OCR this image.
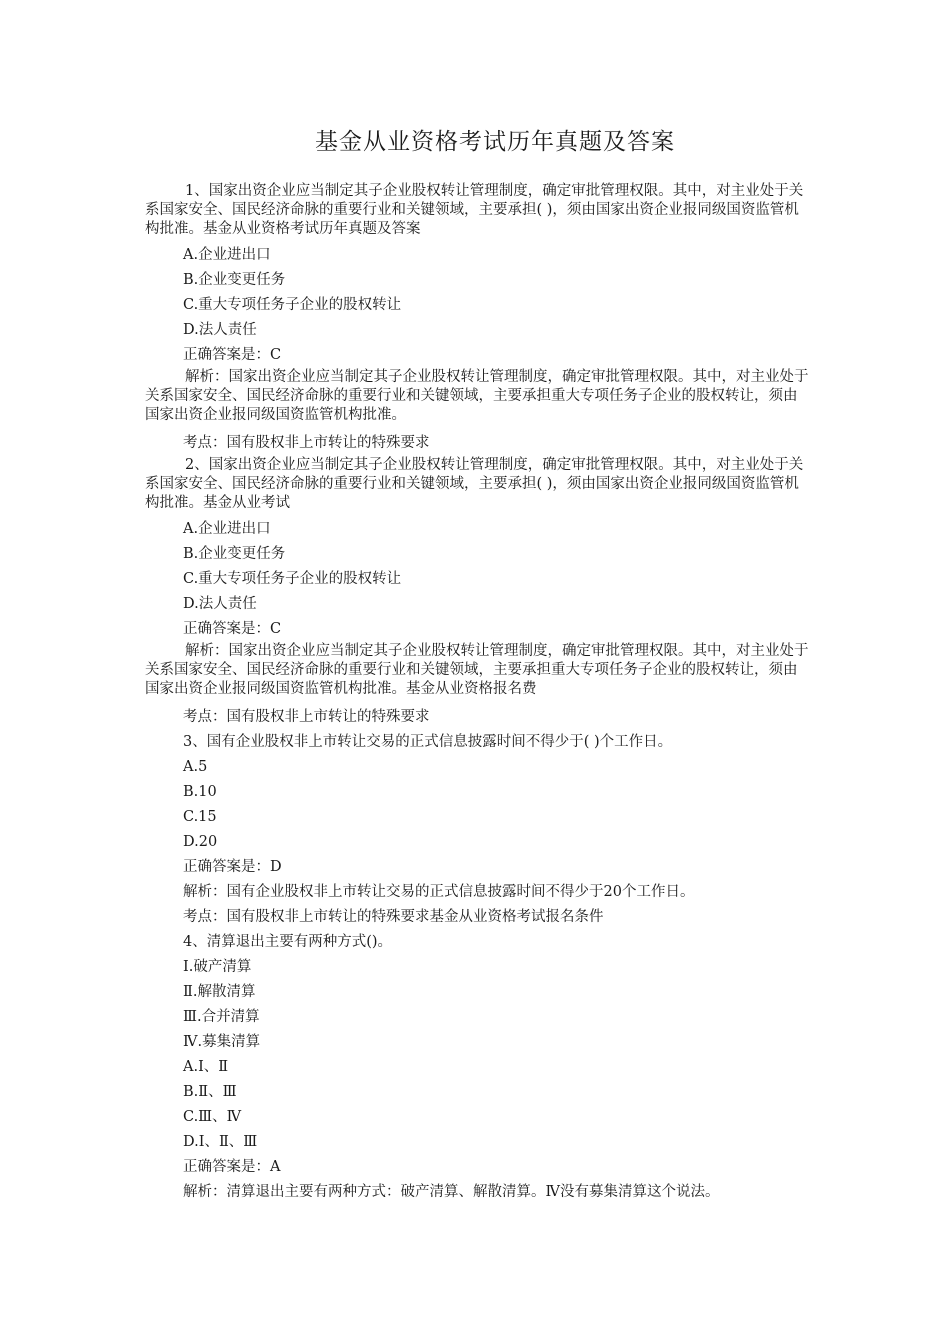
基金从业资格考试历年真题及答案

1、国家出资企业应当制定其子企业股权转让管理制度，确定审批管理权限。其中，对主业处于关系国家安全、国民经济命脉的重要行业和关键领域，主要承担( )，须由国家出资企业报同级国资监管机构批准。基金从业资格考试历年真题及答案

A.企业进出口
B.企业变更任务
C.重大专项任务子企业的股权转让
D.法人责任
正确答案是：C

解析：国家出资企业应当制定其子企业股权转让管理制度，确定审批管理权限。其中，对主业处于关系国家安全、国民经济命脉的重要行业和关键领域，主要承担重大专项任务子企业的股权转让，须由国家出资企业报同级国资监管机构批准。

考点：国有股权非上市转让的特殊要求

2、国家出资企业应当制定其子企业股权转让管理制度，确定审批管理权限。其中，对主业处于关系国家安全、国民经济命脉的重要行业和关键领域，主要承担( )，须由国家出资企业报同级国资监管机构批准。基金从业考试

A.企业进出口
B.企业变更任务
C.重大专项任务子企业的股权转让
D.法人责任
正确答案是：C

解析：国家出资企业应当制定其子企业股权转让管理制度，确定审批管理权限。其中，对主业处于关系国家安全、国民经济命脉的重要行业和关键领域，主要承担重大专项任务子企业的股权转让，须由国家出资企业报同级国资监管机构批准。基金从业资格报名费

考点：国有股权非上市转让的特殊要求
3、国有企业股权非上市转让交易的正式信息披露时间不得少于( )个工作日。
A.5
B.10
C.15
D.20
正确答案是：D
解析：国有企业股权非上市转让交易的正式信息披露时间不得少于20个工作日。
考点：国有股权非上市转让的特殊要求基金从业资格考试报名条件
4、清算退出主要有两种方式()。
Ⅰ.破产清算
Ⅱ.解散清算
Ⅲ.合并清算
Ⅳ.募集清算
A.Ⅰ、Ⅱ
B.Ⅱ、Ⅲ
C.Ⅲ、Ⅳ
D.Ⅰ、Ⅱ、Ⅲ
正确答案是：A
解析：清算退出主要有两种方式：破产清算、解散清算。Ⅳ没有募集清算这个说法。
